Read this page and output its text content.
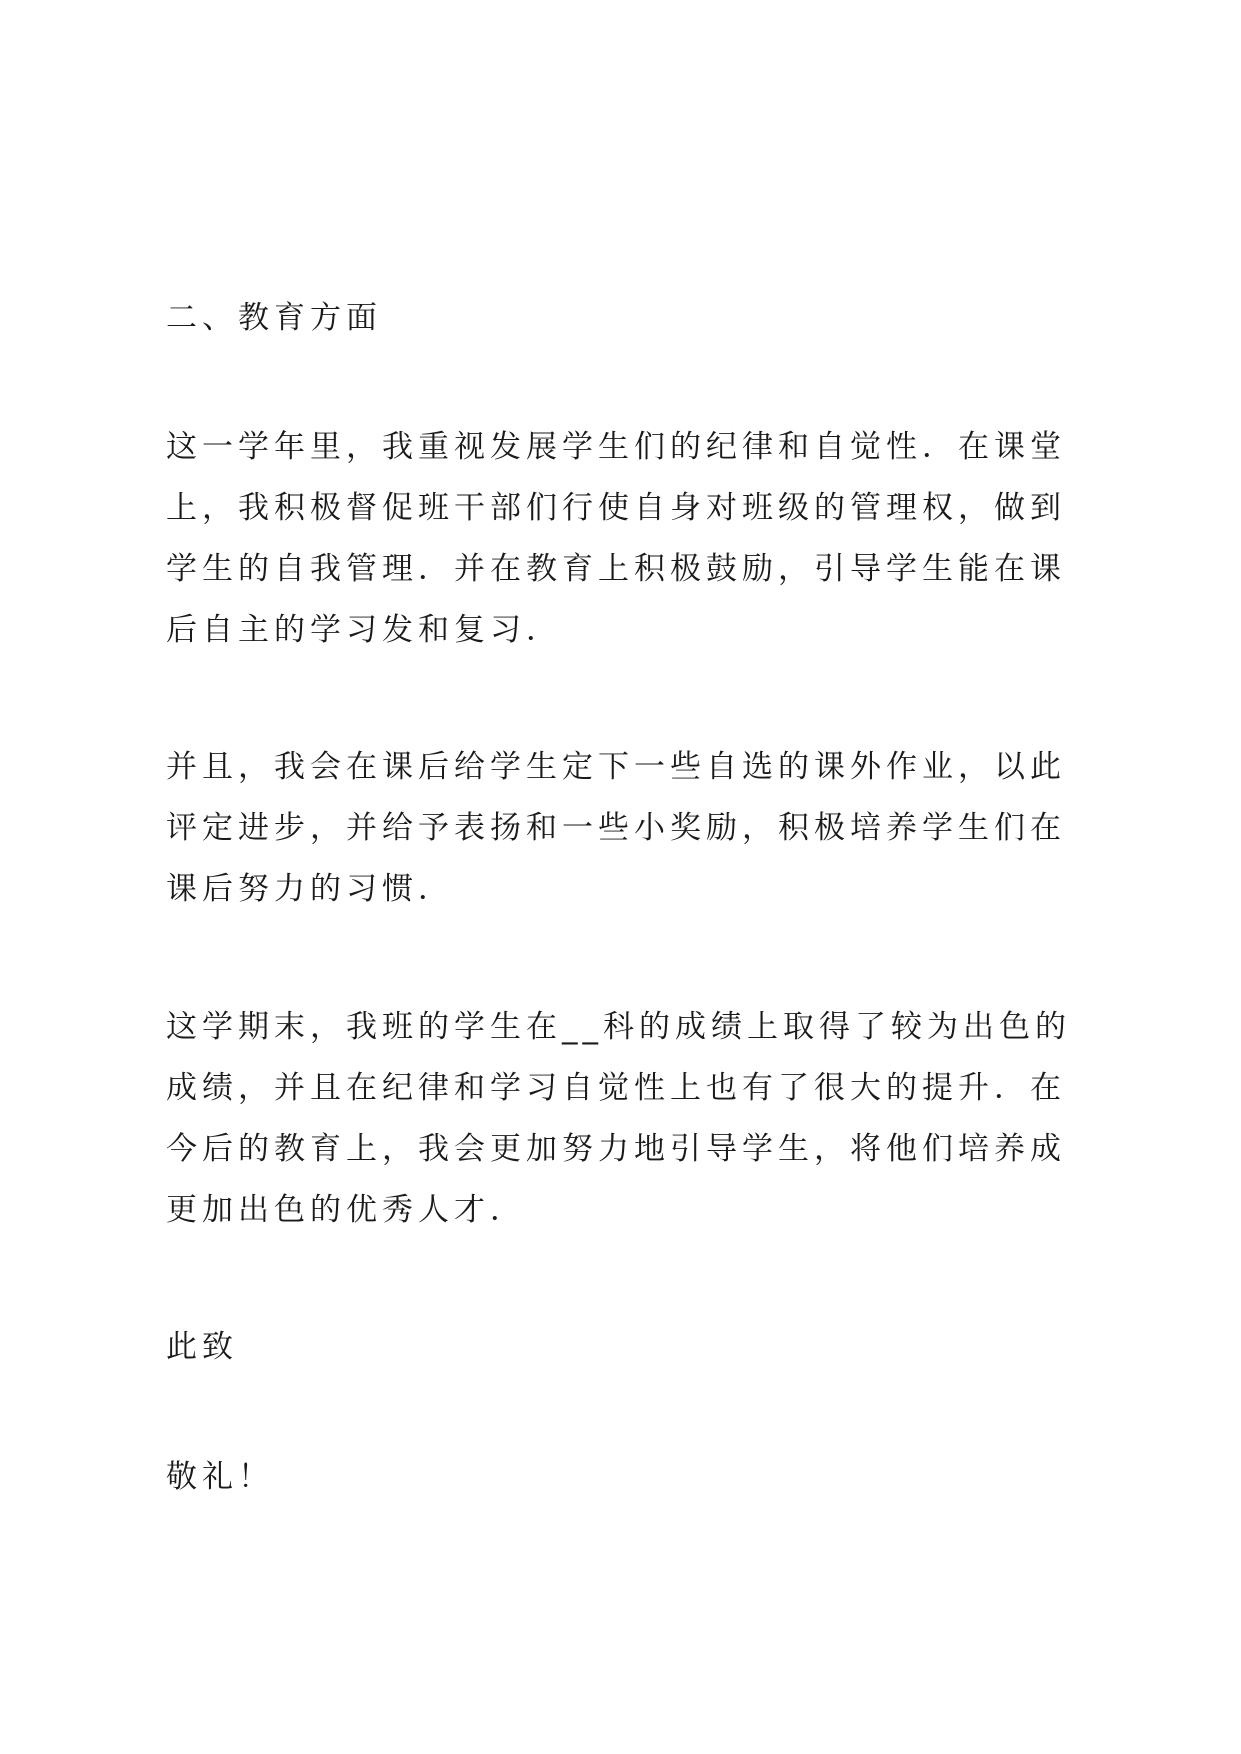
二、教育方面

这一学年里，我重视发展学生们的纪律和自觉性．在课堂上，我积极督促班干部们行使自身对班级的管理权，做到学生的自我管理．并在教育上积极鼓励，引导学生能在课后自主的学习发和复习．

并且，我会在课后给学生定下一些自选的课外作业，以此评定进步，并给予表扬和一些小奖励，积极培养学生们在课后努力的习惯．

这学期末，我班的学生在__科的成绩上取得了较为出色的成绩，并且在纪律和学习自觉性上也有了很大的提升．在今后的教育上，我会更加努力地引导学生，将他们培养成更加出色的优秀人才．

此致

敬礼！
